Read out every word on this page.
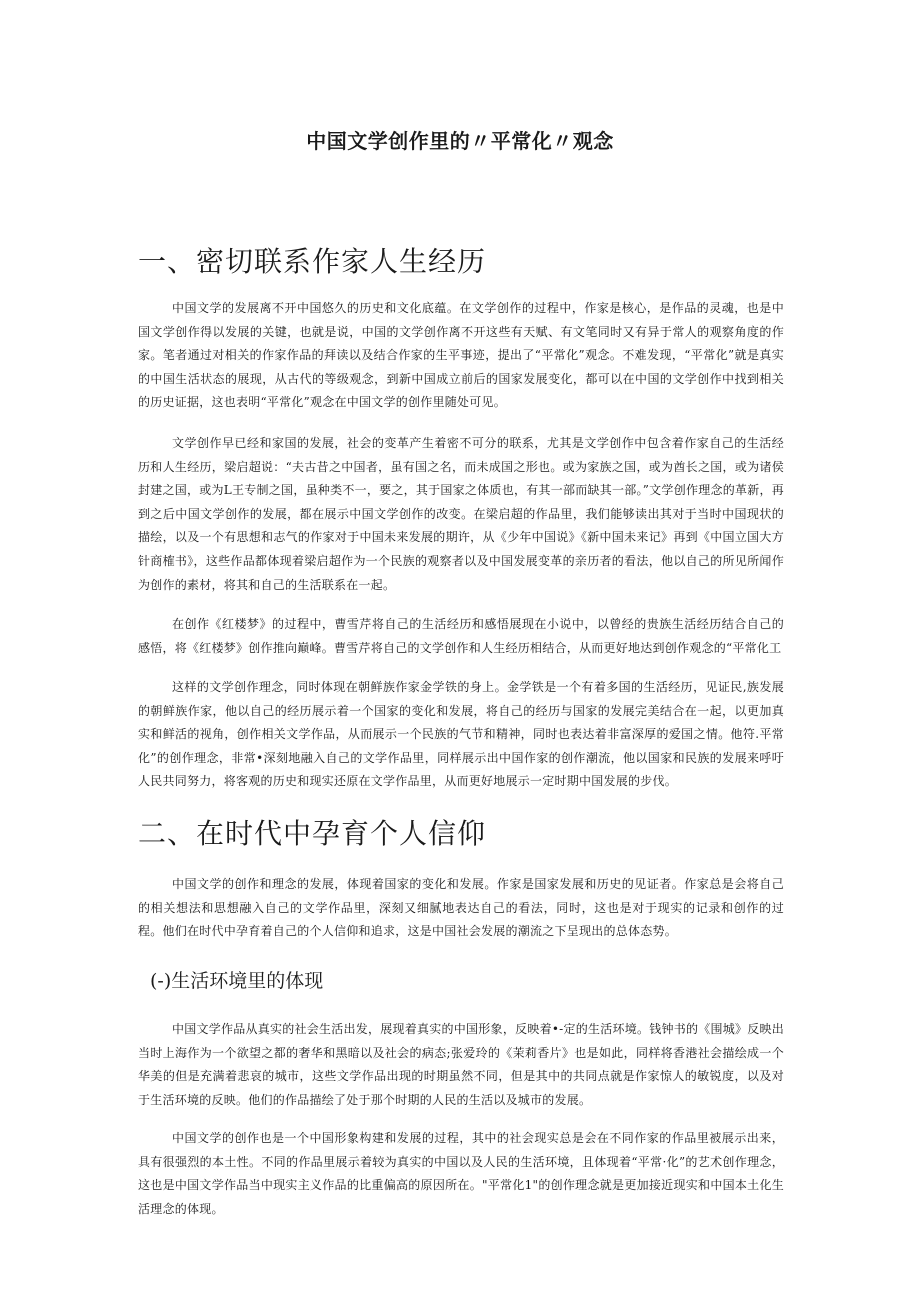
中国文学创作里的〃平常化〃观念
一、密切联系作家人生经历

中国文学的发展离不开中国悠久的历史和文化底蕴。在文学创作的过程中，作家是核心，是作品的灵魂，也是中国文学创作得以发展的关键，也就是说，中国的文学创作离不开这些有天赋、有文笔同时又有异于常人的观察角度的作家。笔者通过对相关的作家作品的拜读以及结合作家的生平事迹，提出了“平常化”观念。不难发现，“平常化”就是真实的中国生活状态的展现，从古代的等级观念，到新中国成立前后的国家发展变化，都可以在中国的文学创作中找到相关的历史证据，这也表明“平常化”观念在中国文学的创作里随处可见。

文学创作早已经和家国的发展，社会的变革产生着密不可分的联系，尤其是文学创作中包含着作家自己的生活经历和人生经历，梁启超说：“夫古昔之中国者，虽有国之名，而未成国之形也。或为家族之国，或为酋长之国，或为诸侯封建之国，或为L王专制之国，虽种类不一，要之，其于国家之体质也，有其一部而缺其一部。”文学创作理念的革新，再到之后中国文学创作的发展，都在展示中国文学创作的改变。在梁启超的作品里，我们能够读出其对于当时中国现状的描绘，以及一个有思想和志气的作家对于中国未来发展的期许，从《少年中国说》《新中国未来记》再到《中国立国大方针商榷书》，这些作品都体现着梁启超作为一个民族的观察者以及中国发展变革的亲历者的看法，他以自己的所见所闻作为创作的素材，将其和自己的生活联系在一起。

在创作《红楼梦》的过程中，曹雪芹将自己的生活经历和感悟展现在小说中，以曾经的贵族生活经历结合自己的感悟，将《红楼梦》创作推向巅峰。曹雪芹将自己的文学创作和人生经历相结合，从而更好地达到创作观念的“平常化工

这样的文学创作理念，同时体现在朝鲜族作家金学铁的身上。金学铁是一个有着多国的生活经历，见证民,族发展的朝鲜族作家，他以自己的经历展示着一个国家的变化和发展，将自己的经历与国家的发展完美结合在一起，以更加真实和鲜活的视角，创作相关文学作品，从而展示一个民族的气节和精神，同时也表达着非富深厚的爱国之情。他符.平常化”的创作理念，非常•深刻地融入自己的文学作品里，同样展示出中国作家的创作潮流，他以国家和民族的发展来呼吁人民共同努力，将客观的历史和现实还原在文学作品里，从而更好地展示一定时期中国发展的步伐。

二、在时代中孕育个人信仰

中国文学的创作和理念的发展，体现着国家的变化和发展。作家是国家发展和历史的见证者。作家总是会将自己的相关想法和思想融入自己的文学作品里，深刻又细腻地表达自己的看法，同时，这也是对于现实的记录和创作的过程。他们在时代中孕育着自己的个人信仰和追求，这是中国社会发展的潮流之下呈现出的总体态势。

(-)生活环境里的体现

中国文学作品从真实的社会生活出发，展现着真实的中国形象，反映着•-定的生活环境。钱钟书的《围城》反映出当时上海作为一个欲望之都的奢华和黑暗以及社会的病态;张爱玲的《茉莉香片》也是如此，同样将香港社会描绘成一个华美的但是充满着悲哀的城市，这些文学作品出现的时期虽然不同，但是其中的共同点就是作家惊人的敏锐度，以及对于生活环境的反映。他们的作品描绘了处于那个时期的人民的生活以及城市的发展。

中国文学的创作也是一个中国形象构建和发展的过程，其中的社会现实总是会在不同作家的作品里被展示出来，具有很强烈的本土性。不同的作品里展示着较为真实的中国以及人民的生活环境，且体现着“平常·化”的艺术创作理念，这也是中国文学作品当中现实主义作品的比重偏高的原因所在。"平常化1"的创作理念就是更加接近现实和中国本土化生活理念的体现。
